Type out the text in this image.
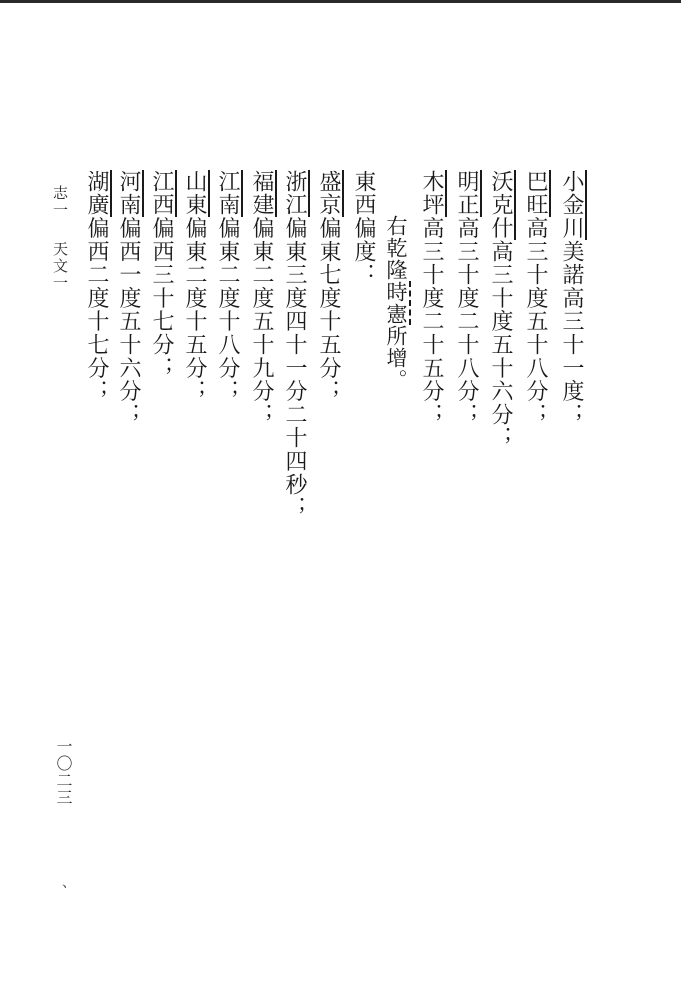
小金川美諾高三十一度；
巴旺高三十度五十八分；
沃克什高三十度五十六分；
明正高三十度二十八分；
木坪高三十度二十五分；
右乾隆時憲所增。
東西偏度：
盛京偏東七度十五分；
浙江偏東三度四十一分二十四秒；
福建偏東二度五十九分；
江南偏東二度十八分；
山東偏東二度十五分；
江西偏西三十七分；
河南偏西一度五十六分；
湖廣偏西二度十七分；
志一天文一
一〇二三
、
